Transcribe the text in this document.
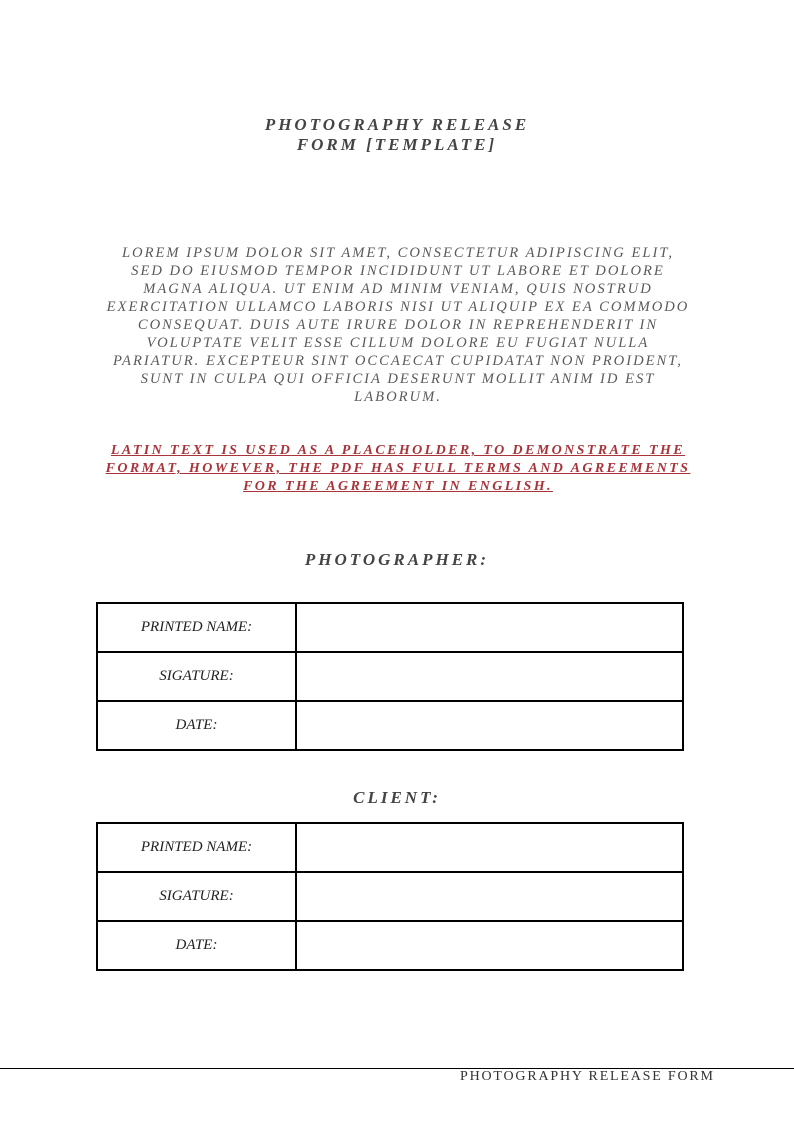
PHOTOGRAPHY RELEASE
FORM [TEMPLATE]
LOREM IPSUM DOLOR SIT AMET, CONSECTETUR ADIPISCING ELIT, SED DO EIUSMOD TEMPOR INCIDIDUNT UT LABORE ET DOLORE MAGNA ALIQUA. UT ENIM AD MINIM VENIAM, QUIS NOSTRUD EXERCITATION ULLAMCO LABORIS NISI UT ALIQUIP EX EA COMMODO CONSEQUAT. DUIS AUTE IRURE DOLOR IN REPREHENDERIT IN VOLUPTATE VELIT ESSE CILLUM DOLORE EU FUGIAT NULLA PARIATUR. EXCEPTEUR SINT OCCAECAT CUPIDATAT NON PROIDENT, SUNT IN CULPA QUI OFFICIA DESERUNT MOLLIT ANIM ID EST LABORUM.
LATIN TEXT IS USED AS A PLACEHOLDER, TO DEMONSTRATE THE FORMAT, HOWEVER, THE PDF HAS FULL TERMS AND AGREEMENTS FOR THE AGREEMENT IN ENGLISH.
PHOTOGRAPHER:
PRINTED NAME:	
SIGATURE:	
DATE:	
CLIENT:
PRINTED NAME:	
SIGATURE:	
DATE:	
PHOTOGRAPHY RELEASE FORM
